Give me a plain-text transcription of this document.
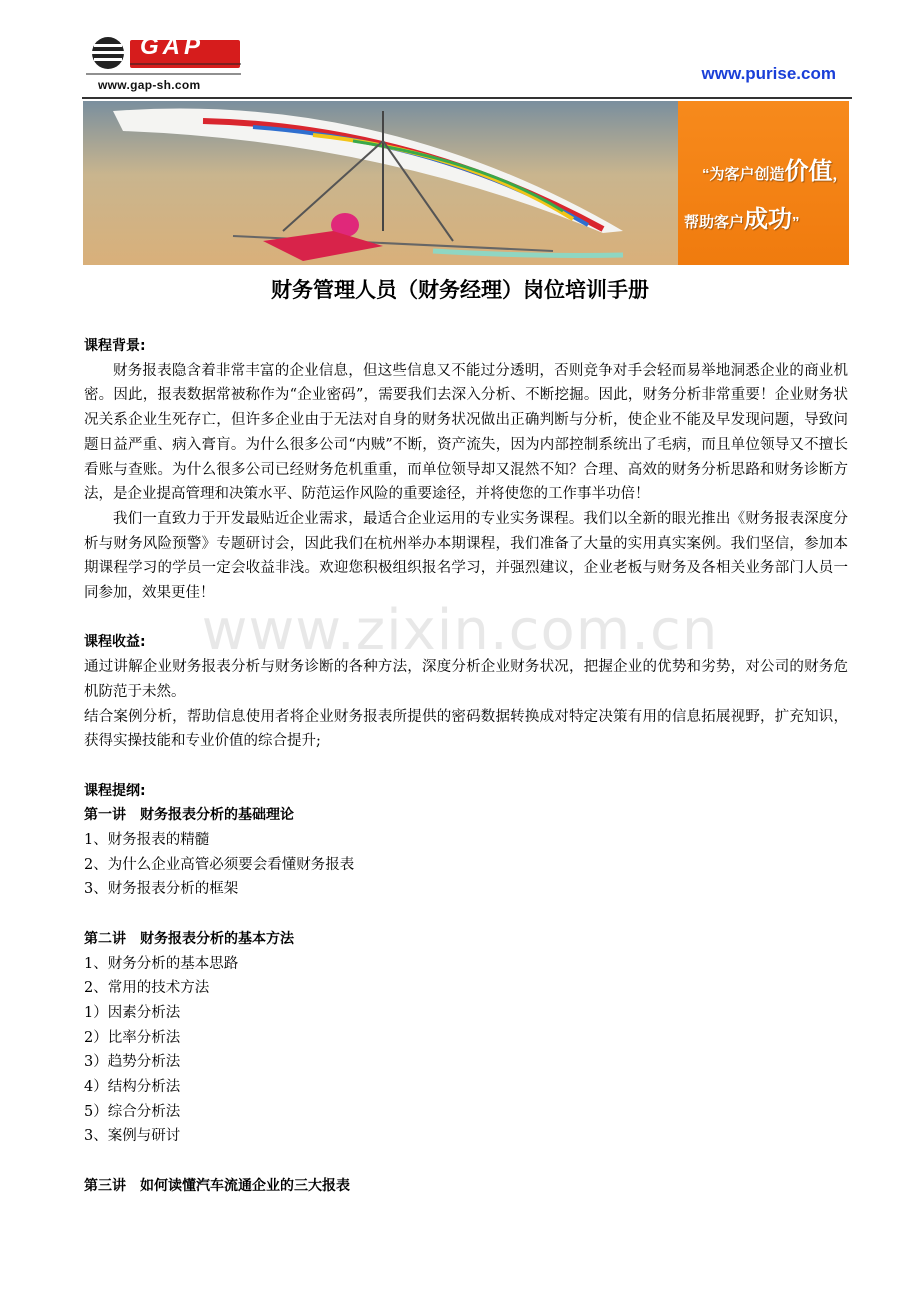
GAP
www.gap-sh.com
www.purise.com
“为客户创造价值，
帮助客户成功”
财务管理人员（财务经理）岗位培训手册
www.zixin.com.cn

课程背景:

财务报表隐含着非常丰富的企业信息，但这些信息又不能过分透明，否则竞争对手会轻而易举地洞悉企业的商业机密。因此，报表数据常被称作为“企业密码”，需要我们去深入分析、不断挖掘。因此，财务分析非常重要！企业财务状况关系企业生死存亡，但许多企业由于无法对自身的财务状况做出正确判断与分析，使企业不能及早发现问题，导致问题日益严重、病入膏肓。为什么很多公司“内贼”不断，资产流失，因为内部控制系统出了毛病，而且单位领导又不擅长看账与查账。为什么很多公司已经财务危机重重，而单位领导却又混然不知？合理、高效的财务分析思路和财务诊断方法，是企业提高管理和决策水平、防范运作风险的重要途径，并将使您的工作事半功倍！

我们一直致力于开发最贴近企业需求，最适合企业运用的专业实务课程。我们以全新的眼光推出《财务报表深度分析与财务风险预警》专题研讨会，因此我们在杭州举办本期课程，我们准备了大量的实用真实案例。我们坚信，参加本期课程学习的学员一定会收益非浅。欢迎您积极组织报名学习，并强烈建议，企业老板与财务及各相关业务部门人员一同参加，效果更佳！

课程收益:

通过讲解企业财务报表分析与财务诊断的各种方法，深度分析企业财务状况，把握企业的优势和劣势，对公司的财务危机防范于未然。

结合案例分析，帮助信息使用者将企业财务报表所提供的密码数据转换成对特定决策有用的信息拓展视野，扩充知识，获得实操技能和专业价值的综合提升;

课程提纲:

第一讲　财务报表分析的基础理论

1、财务报表的精髓

2、为什么企业高管必须要会看懂财务报表

3、财务报表分析的框架

第二讲　财务报表分析的基本方法

1、财务分析的基本思路

2、常用的技术方法

1）因素分析法

2）比率分析法

3）趋势分析法

4）结构分析法

5）综合分析法

3、案例与研讨

第三讲　如何读懂汽车流通企业的三大报表
